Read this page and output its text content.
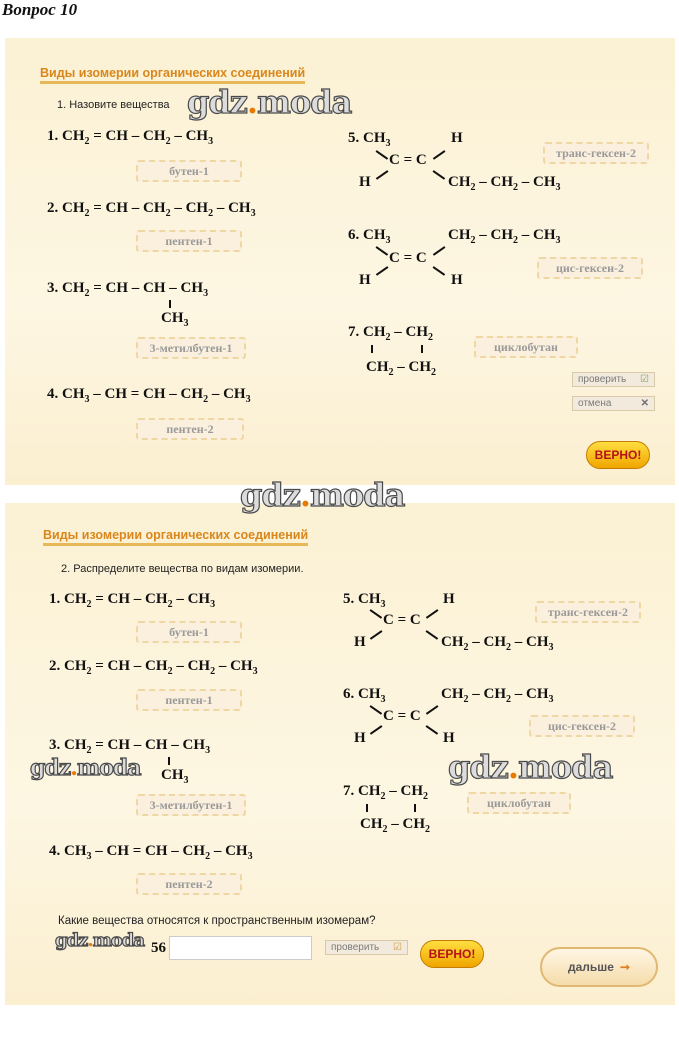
Вопрос 10
Виды изомерии органических соединений
1. Назовите вещества
1. $CH_2$ = CH – $CH_2 - CH_3$
бутен-1
2. $CH_2$ = CH – $CH_2 - CH_2 - CH_3$
пентен-1
3. $CH_2$ = CH – CH – $CH_3$
$CH_3$
3-метилбутен-1
4. $CH_3$ – CH = CH – $CH_2 - CH_3$
пентен-2
5. $CH_3$	H
C = C
H	$CH_2 - CH_2 - CH_3$
транс-гексен-2
6. $CH_3$	$CH_2 - CH_2 - CH_3$
C = C
H	H
цис-гексен-2
7. $CH_2 - CH_2$
$CH_2 - CH_2$
циклобутан
проверить ☑
отмена	✕
ВЕРНО!
Виды изомерии органических соединений
2. Распределите вещества по видам изомерии.
1. $CH_2$ = CH – $CH_2 - CH_3$
бутен-1
2. $CH_2$ = CH – $CH_2 - CH_2 - CH_3$
пентен-1
3. $CH_2$ = CH – CH – $CH_3$
$CH_3$
3-метилбутен-1
4. $CH_3$ – CH = CH – $CH_2 - CH_3$
пентен-2
5. $CH_3$	H
C = C
H	$CH_2 - CH_2 - CH_3$
транс-гексен-2
6. $CH_3$	$CH_2 - CH_2 - CH_3$
C = C
H	H
цис-гексен-2
7. $CH_2 - CH_2$
$CH_2 - CH_2$
циклобутан
Какие вещества относятся к пространственным изомерам?
56	проверить ☑	ВЕРНО!
дальше ➞
gdz.moda
gdz.moda
gdz.moda	gdz.moda
gdz.moda
